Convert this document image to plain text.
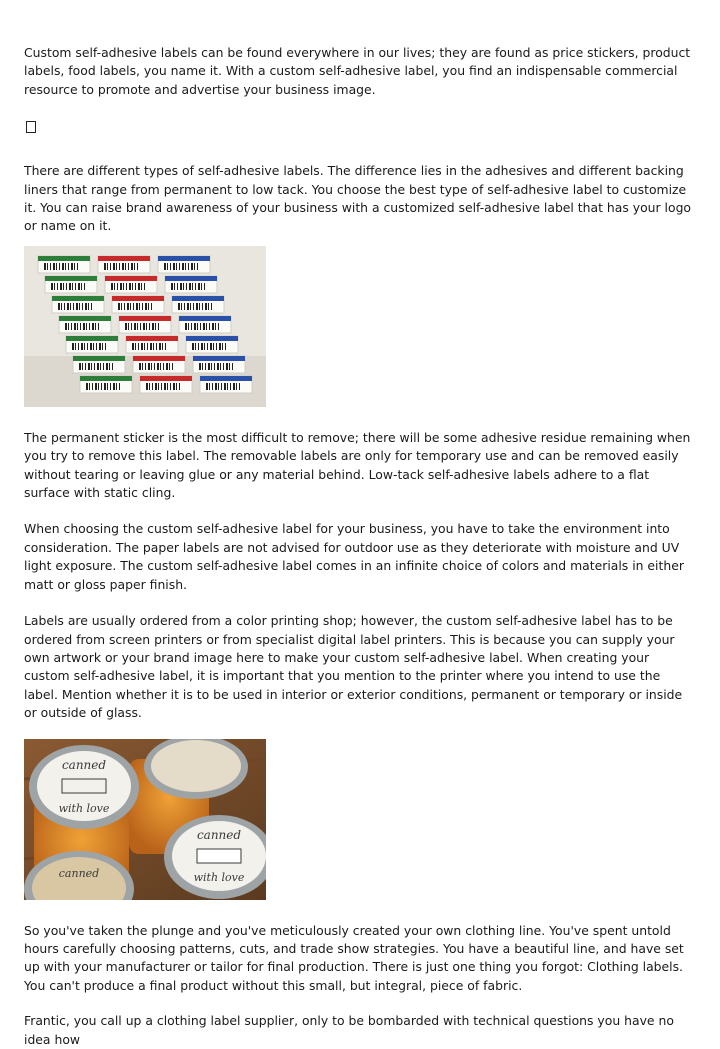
Custom self-adhesive labels can be found everywhere in our lives; they are found as price stickers, product labels, food labels, you name it. With a custom self-adhesive label, you find an indispensable commercial resource to promote and advertise your business image.

There are different types of self-adhesive labels. The difference lies in the adhesives and different backing liners that range from permanent to low tack. You choose the best type of self-adhesive label to customize it. You can raise brand awareness of your business with a customized self-adhesive label that has your logo or name on it.

The permanent sticker is the most difficult to remove; there will be some adhesive residue remaining when you try to remove this label. The removable labels are only for temporary use and can be removed easily without tearing or leaving glue or any material behind. Low-tack self-adhesive labels adhere to a flat surface with static cling.

When choosing the custom self-adhesive label for your business, you have to take the environment into consideration. The paper labels are not advised for outdoor use as they deteriorate with moisture and UV light exposure. The custom self-adhesive label comes in an infinite choice of colors and materials in either matt or gloss paper finish.

Labels are usually ordered from a color printing shop; however, the custom self-adhesive label has to be ordered from screen printers or from specialist digital label printers. This is because you can supply your own artwork or your brand image here to make your custom self-adhesive label. When creating your custom self-adhesive label, it is important that you mention to the printer where you intend to use the label. Mention whether it is to be used in interior or exterior conditions, permanent or temporary or inside or outside of glass.

canned
with love
canned
with love
canned

So you've taken the plunge and you've meticulously created your own clothing line. You've spent untold hours carefully choosing patterns, cuts, and trade show strategies. You have a beautiful line, and have set up with your manufacturer or tailor for final production. There is just one thing you forgot: Clothing labels. You can't produce a final product without this small, but integral, piece of fabric.

Frantic, you call up a clothing label supplier, only to be bombarded with technical questions you have no idea how
